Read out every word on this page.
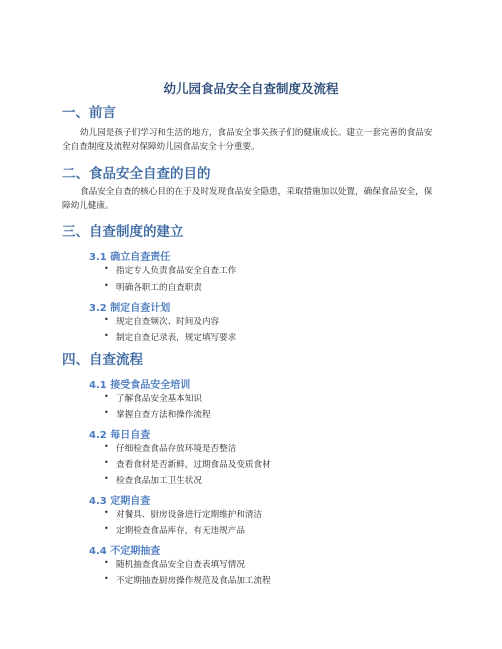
幼儿园食品安全自查制度及流程
一、前言
幼儿园是孩子们学习和生活的地方，食品安全事关孩子们的健康成长。建立一套完善的食品安全自查制度及流程对保障幼儿园食品安全十分重要。
二、食品安全自查的目的
食品安全自查的核心目的在于及时发现食品安全隐患，采取措施加以处置，确保食品安全，保障幼儿健康。
三、自查制度的建立
3.1 确立自查责任
• 指定专人负责食品安全自查工作
• 明确各职工的自查职责
3.2 制定自查计划
• 规定自查频次、时间及内容
• 制定自查记录表，规定填写要求
四、自查流程
4.1 接受食品安全培训
• 了解食品安全基本知识
• 掌握自查方法和操作流程
4.2 每日自查
• 仔细检查食品存放环境是否整洁
• 查看食材是否新鲜，过期食品及变质食材
• 检查食品加工卫生状况
4.3 定期自查
• 对餐具、厨房设备进行定期维护和清洁
• 定期检查食品库存，有无违规产品
4.4 不定期抽查
• 随机抽查食品安全自查表填写情况
• 不定期抽查厨房操作规范及食品加工流程
